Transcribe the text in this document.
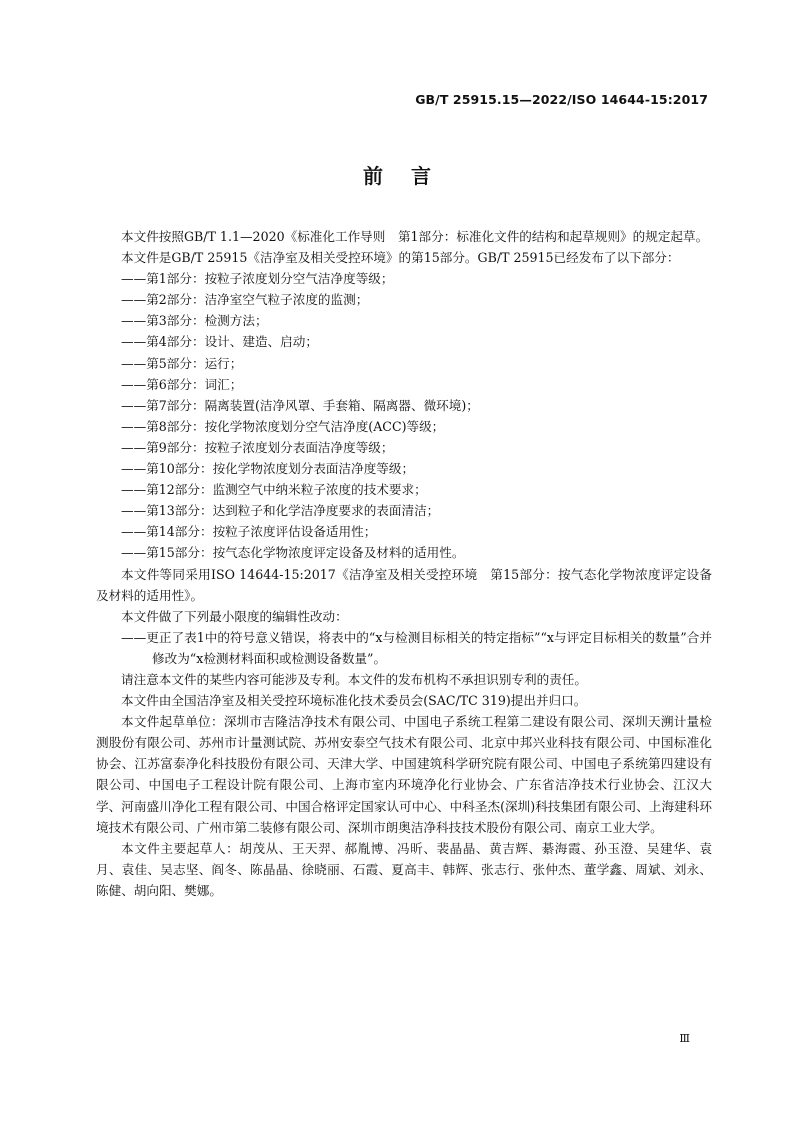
GB/T 25915.15—2022/ISO 14644-15:2017
前言

本文件按照GB/T 1.1—2020《标准化工作导则　第1部分：标准化文件的结构和起草规则》的规定起草。

本文件是GB/T 25915《洁净室及相关受控环境》的第15部分。GB/T 25915已经发布了以下部分：

——第1部分：按粒子浓度划分空气洁净度等级；

——第2部分：洁净室空气粒子浓度的监测；

——第3部分：检测方法；

——第4部分：设计、建造、启动；

——第5部分：运行；

——第6部分：词汇；

——第7部分：隔离装置(洁净风罩、手套箱、隔离器、微环境)；

——第8部分：按化学物浓度划分空气洁净度(ACC)等级；

——第9部分：按粒子浓度划分表面洁净度等级；

——第10部分：按化学物浓度划分表面洁净度等级；

——第12部分：监测空气中纳米粒子浓度的技术要求；

——第13部分：达到粒子和化学洁净度要求的表面清洁；

——第14部分：按粒子浓度评估设备适用性；

——第15部分：按气态化学物浓度评定设备及材料的适用性。

本文件等同采用ISO 14644-15:2017《洁净室及相关受控环境　第15部分：按气态化学物浓度评定设备及材料的适用性》。

本文件做了下列最小限度的编辑性改动：

——更正了表1中的符号意义错误，将表中的“x与检测目标相关的特定指标”“x与评定目标相关的数量”合并修改为“x检测材料面积或检测设备数量”。

请注意本文件的某些内容可能涉及专利。本文件的发布机构不承担识别专利的责任。

本文件由全国洁净室及相关受控环境标准化技术委员会(SAC/TC 319)提出并归口。

本文件起草单位：深圳市吉隆洁净技术有限公司、中国电子系统工程第二建设有限公司、深圳天溯计量检测股份有限公司、苏州市计量测试院、苏州安泰空气技术有限公司、北京中邦兴业科技有限公司、中国标准化协会、江苏富泰净化科技股份有限公司、天津大学、中国建筑科学研究院有限公司、中国电子系统第四建设有限公司、中国电子工程设计院有限公司、上海市室内环境净化行业协会、广东省洁净技术行业协会、江汉大学、河南盛川净化工程有限公司、中国合格评定国家认可中心、中科圣杰(深圳)科技集团有限公司、上海建科环境技术有限公司、广州市第二装修有限公司、深圳市朗奥洁净科技技术股份有限公司、南京工业大学。

本文件主要起草人：胡茂从、王天羿、郝胤博、冯昕、裴晶晶、黄吉辉、綦海霞、孙玉澄、吴建华、袁月、袁佳、吴志坚、阎冬、陈晶晶、徐晓丽、石霞、夏高丰、韩辉、张志行、张仲杰、董学鑫、周斌、刘永、陈健、胡向阳、樊娜。

Ⅲ
